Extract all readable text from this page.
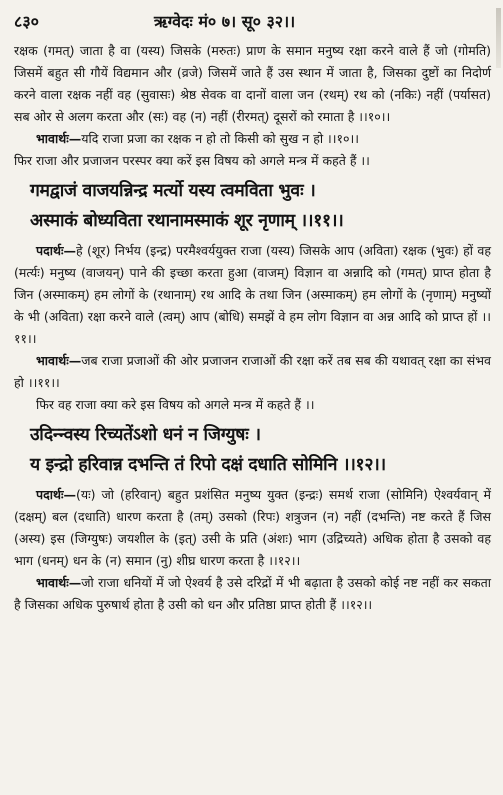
८३०	ऋग्वेदः मं० ७। सू० ३२।।

रक्षक (गमत्) जाता है वा (यस्य) जिसके (मरुतः) प्राण के समान मनुष्य रक्षा करने वाले हैं जो (गोमति) जिसमें बहुत सी गौयें विद्यमान और (व्रजे) जिसमें जाते हैं उस स्थान में जाता है, जिसका दुष्टों का निदोर्ण करने वाला रक्षक नहीं वह (सुवासः) श्रेष्ठ सेवक वा दानों वाला जन (रथम्) रथ को (नकिः) नहीं (पर्यासत) सब ओर से अलग करता और (सः) वह (न) नहीं (रीरमत्) दूसरों को रमाता है ।।१०।।

भावार्थः—यदि राजा प्रजा का रक्षक न हो तो किसी को सुख न हो ।।१०।।

फिर राजा और प्रजाजन परस्पर क्या करें इस विषय को अगले मन्त्र में कहते हैं ।।

गमद्वाजं वाजयन्निन्द्र मर्त्यो यस्य त्वमविता भुवः ।

अस्माकं बोध्यविता रथानामस्माकं शूर नृणाम् ।।११।।

पदार्थः—हे (शूर) निर्भय (इन्द्र) परमैश्वर्ययुक्त राजा (यस्य) जिसके आप (अविता) रक्षक (भुवः) हों वह (मर्त्यः) मनुष्य (वाजयन्) पाने की इच्छा करता हुआ (वाजम्) विज्ञान वा अन्नादि को (गमत्) प्राप्त होता है जिन (अस्माकम्) हम लोगों के (रथानाम्) रथ आदि के तथा जिन (अस्माकम्) हम लोगों के (नृणाम्) मनुष्यों के भी (अविता) रक्षा करने वाले (त्वम्) आप (बोधि) समझें वे हम लोग विज्ञान वा अन्न आदि को प्राप्त हों ।।११।।

भावार्थः—जब राजा प्रजाओं की ओर प्रजाजन राजाओं की रक्षा करें तब सब की यथावत् रक्षा का संभव हो ।।११।।

फिर वह राजा क्या करे इस विषय को अगले मन्त्र में कहते हैं ।।

उदिन्न्वस्य रिच्यतेंऽशो धनं न जिग्युषः ।

य इन्द्रो हरिवान्न दभन्ति तं रिपो दक्षं दधाति सोमिनि ।।१२।।

पदार्थः—(यः) जो (हरिवान्) बहुत प्रशंसित मनुष्य युक्त (इन्द्रः) समर्थ राजा (सोमिनि) ऐश्वर्यवान् में (दक्षम्) बल (दधाति) धारण करता है (तम्) उसको (रिपः) शत्रुजन (न) नहीं (दभन्ति) नष्ट करते हैं जिस (अस्य) इस (जिग्युषः) जयशील के (इत्) उसी के प्रति (अंशः) भाग (उद्रिच्यते) अधिक होता है उसको वह भाग (धनम्) धन के (न) समान (नु) शीघ्र धारण करता है ।।१२।।

भावार्थः—जो राजा धनियों में जो ऐश्वर्य है उसे दरिद्रों में भी बढ़ाता है उसको कोई नष्ट नहीं कर सकता है जिसका अधिक पुरुषार्थ होता है उसी को धन और प्रतिष्ठा प्राप्त होती हैं ।।१२।।
